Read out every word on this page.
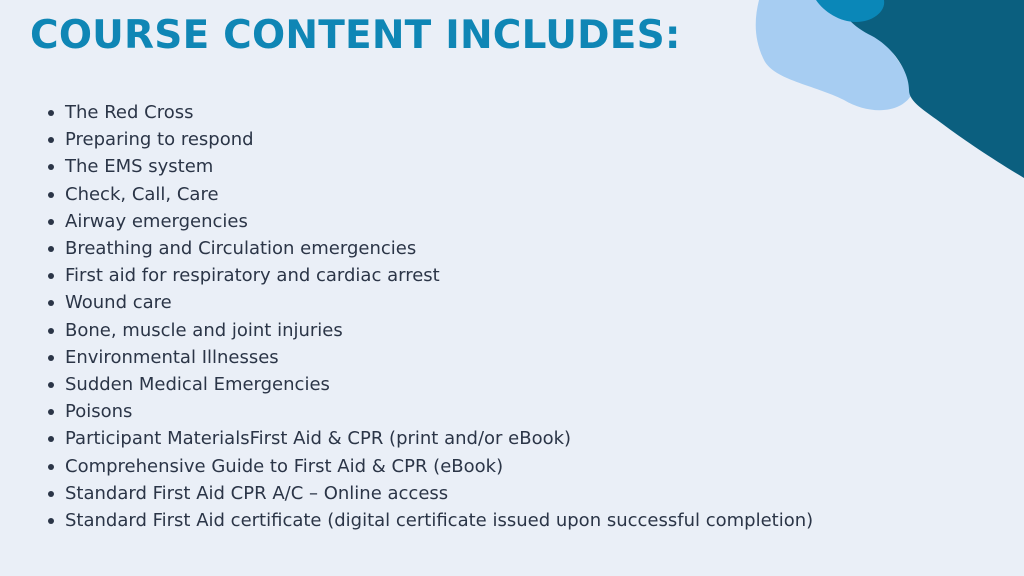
COURSE CONTENT INCLUDES:
The Red Cross
Preparing to respond
The EMS system
Check, Call, Care
Airway emergencies
Breathing and Circulation emergencies
First aid for respiratory and cardiac arrest
Wound care
Bone, muscle and joint injuries
Environmental Illnesses
Sudden Medical Emergencies
Poisons
Participant MaterialsFirst Aid & CPR (print and/or eBook)
Comprehensive Guide to First Aid & CPR (eBook)
Standard First Aid CPR A/C – Online access
Standard First Aid certificate (digital certificate issued upon successful completion)
